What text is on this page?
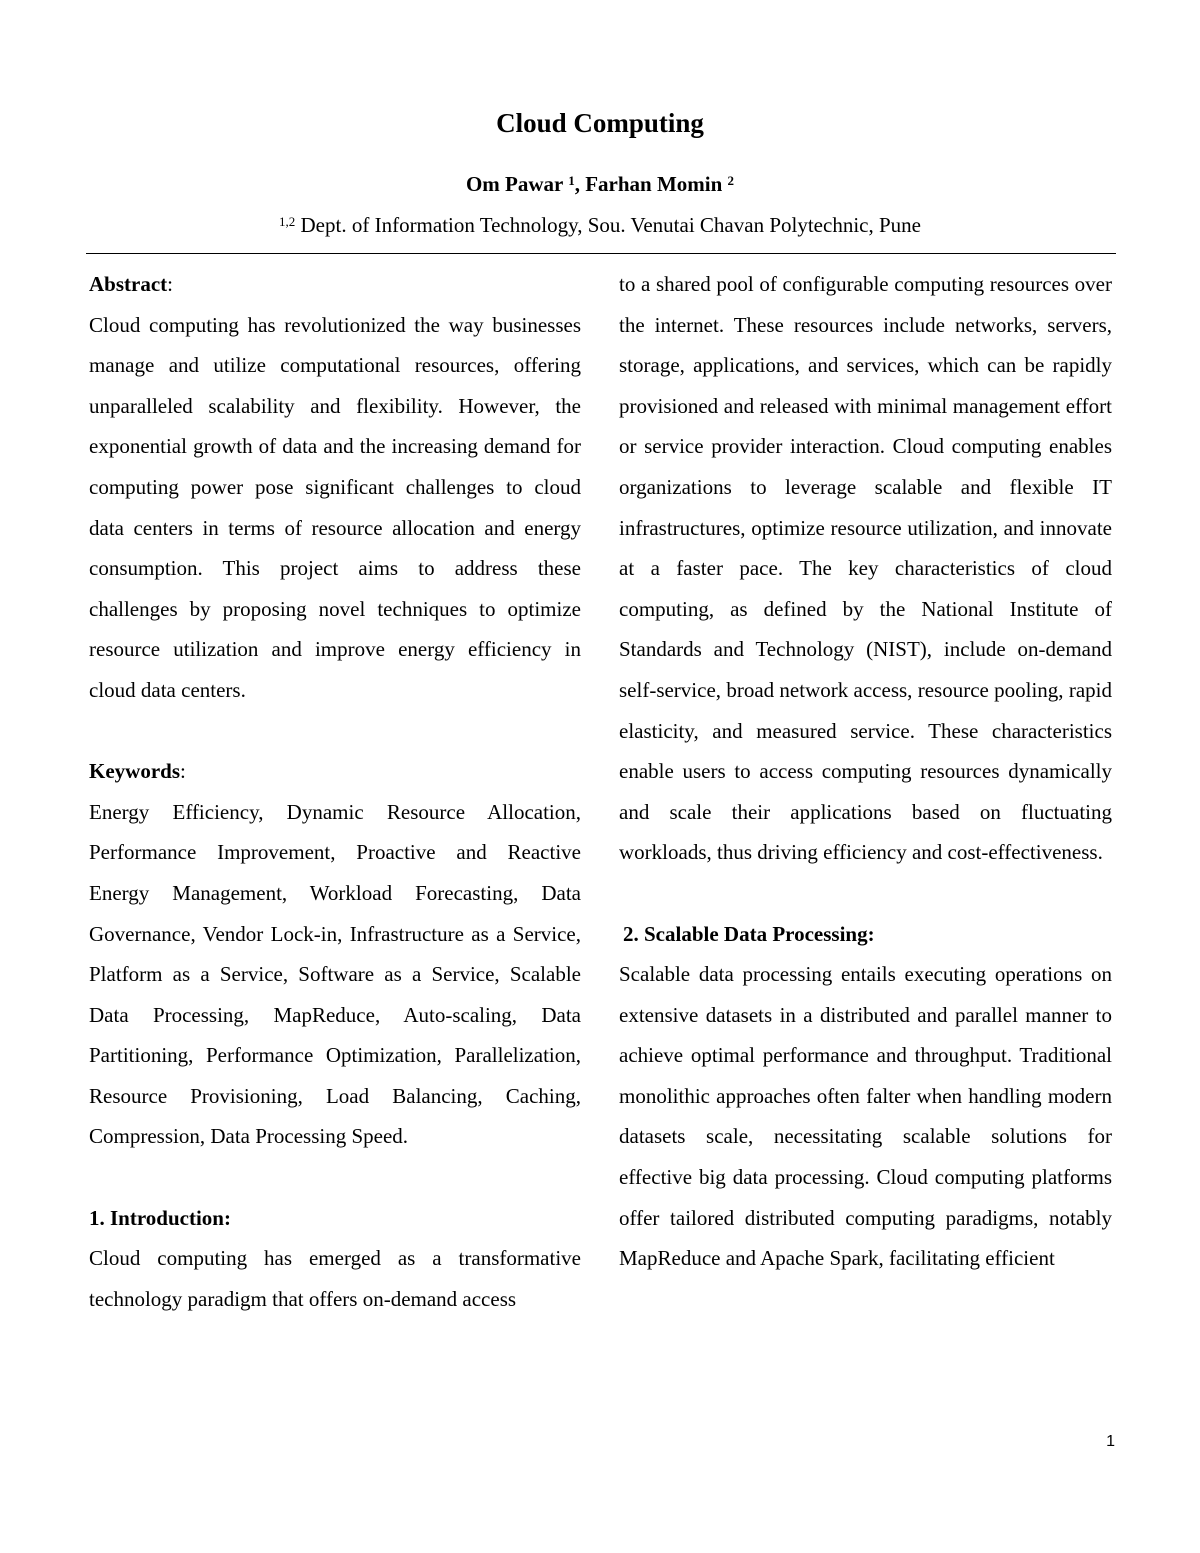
Cloud Computing
Om Pawar $^1$, Farhan Momin $^2$
$^{1,2}$ Dept. of Information Technology, Sou. Venutai Chavan Polytechnic, Pune
Abstract:

Cloud computing has revolutionized the way businesses manage and utilize computational resources, offering unparalleled scalability and flexibility. However, the exponential growth of data and the increasing demand for computing power pose significant challenges to cloud data centers in terms of resource allocation and energy consumption. This project aims to address these challenges by proposing novel techniques to optimize resource utilization and improve energy efficiency in cloud data centers.

Keywords:

Energy Efficiency, Dynamic Resource Allocation, Performance Improvement, Proactive and Reactive Energy Management, Workload Forecasting, Data Governance, Vendor Lock-in, Infrastructure as a Service, Platform as a Service, Software as a Service, Scalable Data Processing, MapReduce, Auto-scaling, Data Partitioning, Performance Optimization, Parallelization, Resource Provisioning, Load Balancing, Caching, Compression, Data Processing Speed.

1. Introduction:

Cloud computing has emerged as a transformative technology paradigm that offers on-demand access

to a shared pool of configurable computing resources over the internet. These resources include networks, servers, storage, applications, and services, which can be rapidly provisioned and released with minimal management effort or service provider interaction. Cloud computing enables organizations to leverage scalable and flexible IT infrastructures, optimize resource utilization, and innovate at a faster pace. The key characteristics of cloud computing, as defined by the National Institute of Standards and Technology (NIST), include on-demand self-service, broad network access, resource pooling, rapid elasticity, and measured service. These characteristics enable users to access computing resources dynamically and scale their applications based on fluctuating workloads, thus driving efficiency and cost-effectiveness.

2. Scalable Data Processing:

Scalable data processing entails executing operations on extensive datasets in a distributed and parallel manner to achieve optimal performance and throughput. Traditional monolithic approaches often falter when handling modern datasets scale, necessitating scalable solutions for effective big data processing. Cloud computing platforms offer tailored distributed computing paradigms, notably MapReduce and Apache Spark, facilitating efficient

1
